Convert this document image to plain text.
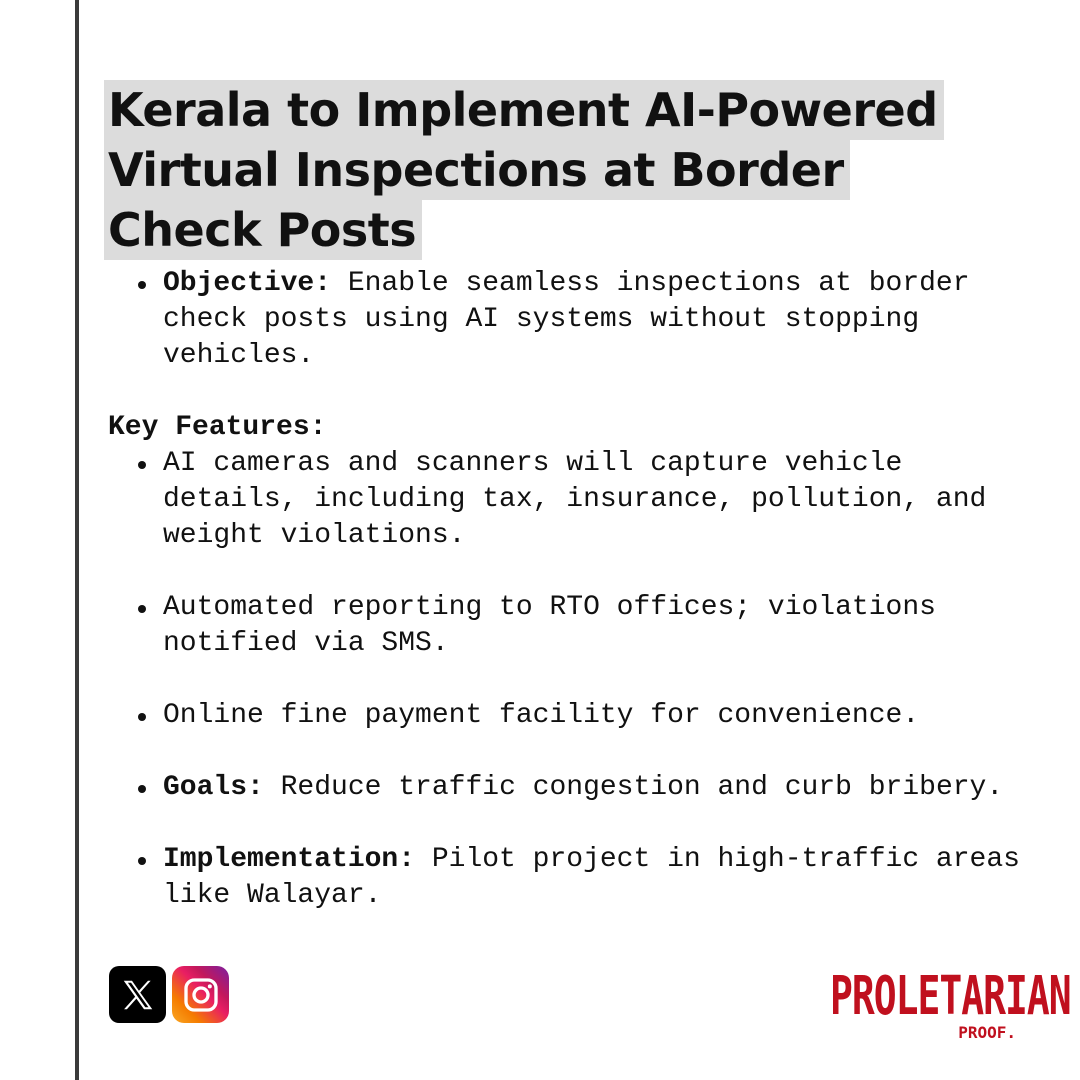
Kerala to Implement AI-Powered
Virtual Inspections at Border
Check Posts
Objective: Enable seamless inspections at border check posts using AI systems without stopping vehicles.

Key Features:

AI cameras and scanners will capture vehicle details, including tax, insurance, pollution, and weight violations.
Automated reporting to RTO offices; violations notified via SMS.
Online fine payment facility for convenience.
Goals: Reduce traffic congestion and curb bribery.
Implementation: Pilot project in high-traffic areas like Walayar.
PROLETARIAN
PROOF.
